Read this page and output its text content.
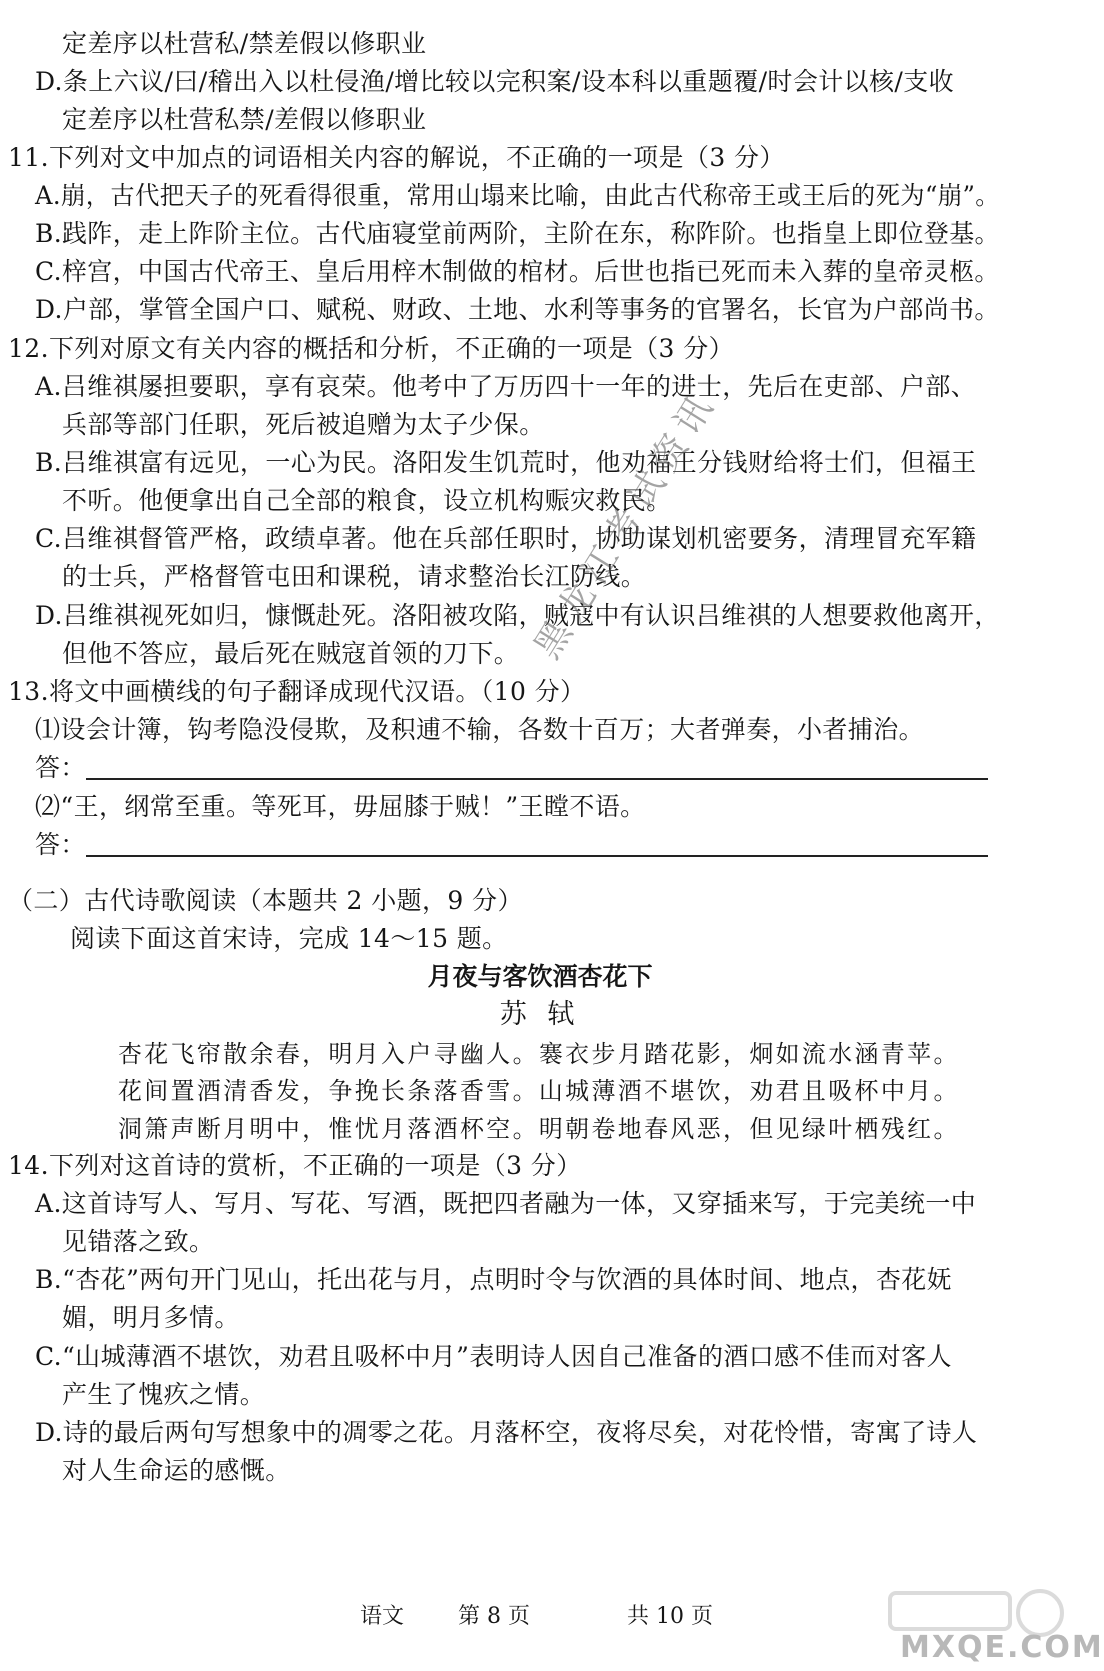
定差序以杜营私/禁差假以修职业
D.条上六议/曰/稽出入以杜侵渔/增比较以完积案/设本科以重题覆/时会计以核/支收
定差序以杜营私禁/差假以修职业
11.下列对文中加点的词语相关内容的解说，不正确的一项是（3 分）
A.崩，古代把天子的死看得很重，常用山塌来比喻，由此古代称帝王或王后的死为“崩”。
B.践阼，走上阼阶主位。古代庙寝堂前两阶，主阶在东，称阼阶。也指皇上即位登基。
C.梓宫，中国古代帝王、皇后用梓木制做的棺材。后世也指已死而未入葬的皇帝灵柩。
D.户部，掌管全国户口、赋税、财政、土地、水利等事务的官署名，长官为户部尚书。
12.下列对原文有关内容的概括和分析，不正确的一项是（3 分）
A.吕维祺屡担要职，享有哀荣。他考中了万历四十一年的进士，先后在吏部、户部、
兵部等部门任职，死后被追赠为太子少保。
B.吕维祺富有远见，一心为民。洛阳发生饥荒时，他劝福王分钱财给将士们，但福王
不听。他便拿出自己全部的粮食，设立机构赈灾救民。
C.吕维祺督管严格，政绩卓著。他在兵部任职时，协助谋划机密要务，清理冒充军籍
的士兵，严格督管屯田和课税，请求整治长江防线。
D.吕维祺视死如归，慷慨赴死。洛阳被攻陷，贼寇中有认识吕维祺的人想要救他离开，
但他不答应，最后死在贼寇首领的刀下。
13.将文中画横线的句子翻译成现代汉语。（10 分）
⑴设会计簿，钩考隐没侵欺，及积逋不输，各数十百万；大者弹奏，小者捕治。
答：
⑵“王，纲常至重。等死耳，毋屈膝于贼！”王瞠不语。
答：
（二）古代诗歌阅读（本题共 2 小题，9 分）
阅读下面这首宋诗，完成 14～15 题。
14.下列对这首诗的赏析，不正确的一项是（3 分）
A.这首诗写人、写月、写花、写酒，既把四者融为一体，又穿插来写，于完美统一中
见错落之致。
B.“杏花”两句开门见山，托出花与月，点明时令与饮酒的具体时间、地点，杏花妩
媚，明月多情。
C.“山城薄酒不堪饮，劝君且吸杯中月”表明诗人因自己准备的酒口感不佳而对客人
产生了愧疚之情。
D.诗的最后两句写想象中的凋零之花。月落杯空，夜将尽矣，对花怜惜，寄寓了诗人
对人生命运的感慨。
月夜与客饮酒杏花下
苏 轼
杏花飞帘散余春，明月入户寻幽人。褰衣步月踏花影，炯如流水涵青苹。
花间置酒清香发，争挽长条落香雪。山城薄酒不堪饮，劝君且吸杯中月。
洞箫声断月明中，惟忧月落酒杯空。明朝卷地春风恶，但见绿叶栖残红。
语文 第 8 页	共 10 页
黑龙江考试资讯
MXQE.COM
